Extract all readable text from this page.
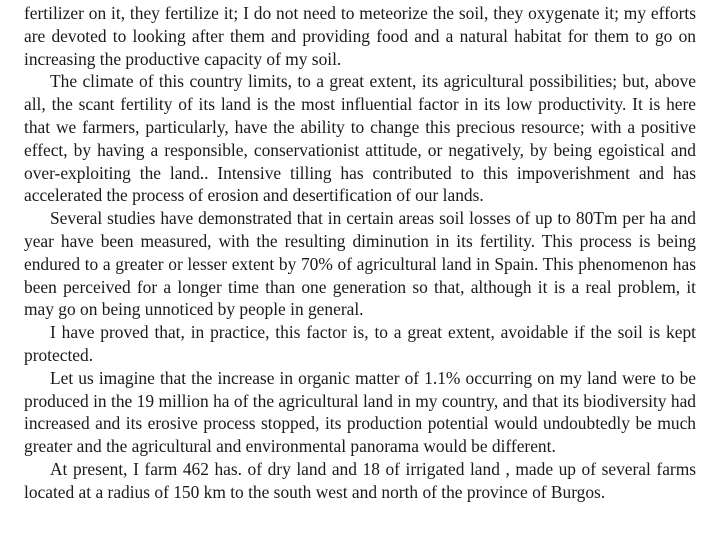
fertilizer on it, they fertilize it; I do not need to meteorize the soil, they oxygenate it; my efforts are devoted to looking after them and providing food and a natural habitat for them to go on increasing the productive capacity of my soil.

The climate of this country limits, to a great extent, its agricultural possibilities; but, above all, the scant fertility of its land is the most influential factor in its low productivity. It is here that we farmers, particularly, have the ability to change this precious resource; with a positive effect, by having a responsible, conservationist attitude, or negatively, by being egoistical and over-exploiting the land.. Intensive tilling has contributed to this impoverishment and has accelerated the process of erosion and desertification of our lands.

Several studies have demonstrated that in certain areas soil losses of up to 80Tm per ha and year have been measured, with the resulting diminution in its fertility. This process is being endured to a greater or lesser extent by 70% of agricultural land in Spain. This phenomenon has been perceived for a longer time than one generation so that, although it is a real problem, it may go on being unnoticed by people in general.

I have proved that, in practice, this factor is, to a great extent, avoidable if the soil is kept protected.

Let us imagine that the increase in organic matter of 1.1% occurring on my land were to be produced in the 19 million ha of the agricultural land in my country, and that its biodiversity had increased and its erosive process stopped, its production potential would undoubtedly be much greater and the agricultural and environmental panorama would be different.

At present, I farm 462 has. of dry land and 18 of irrigated land , made up of several farms located at a radius of 150 km to the south west and north of the province of Burgos.
